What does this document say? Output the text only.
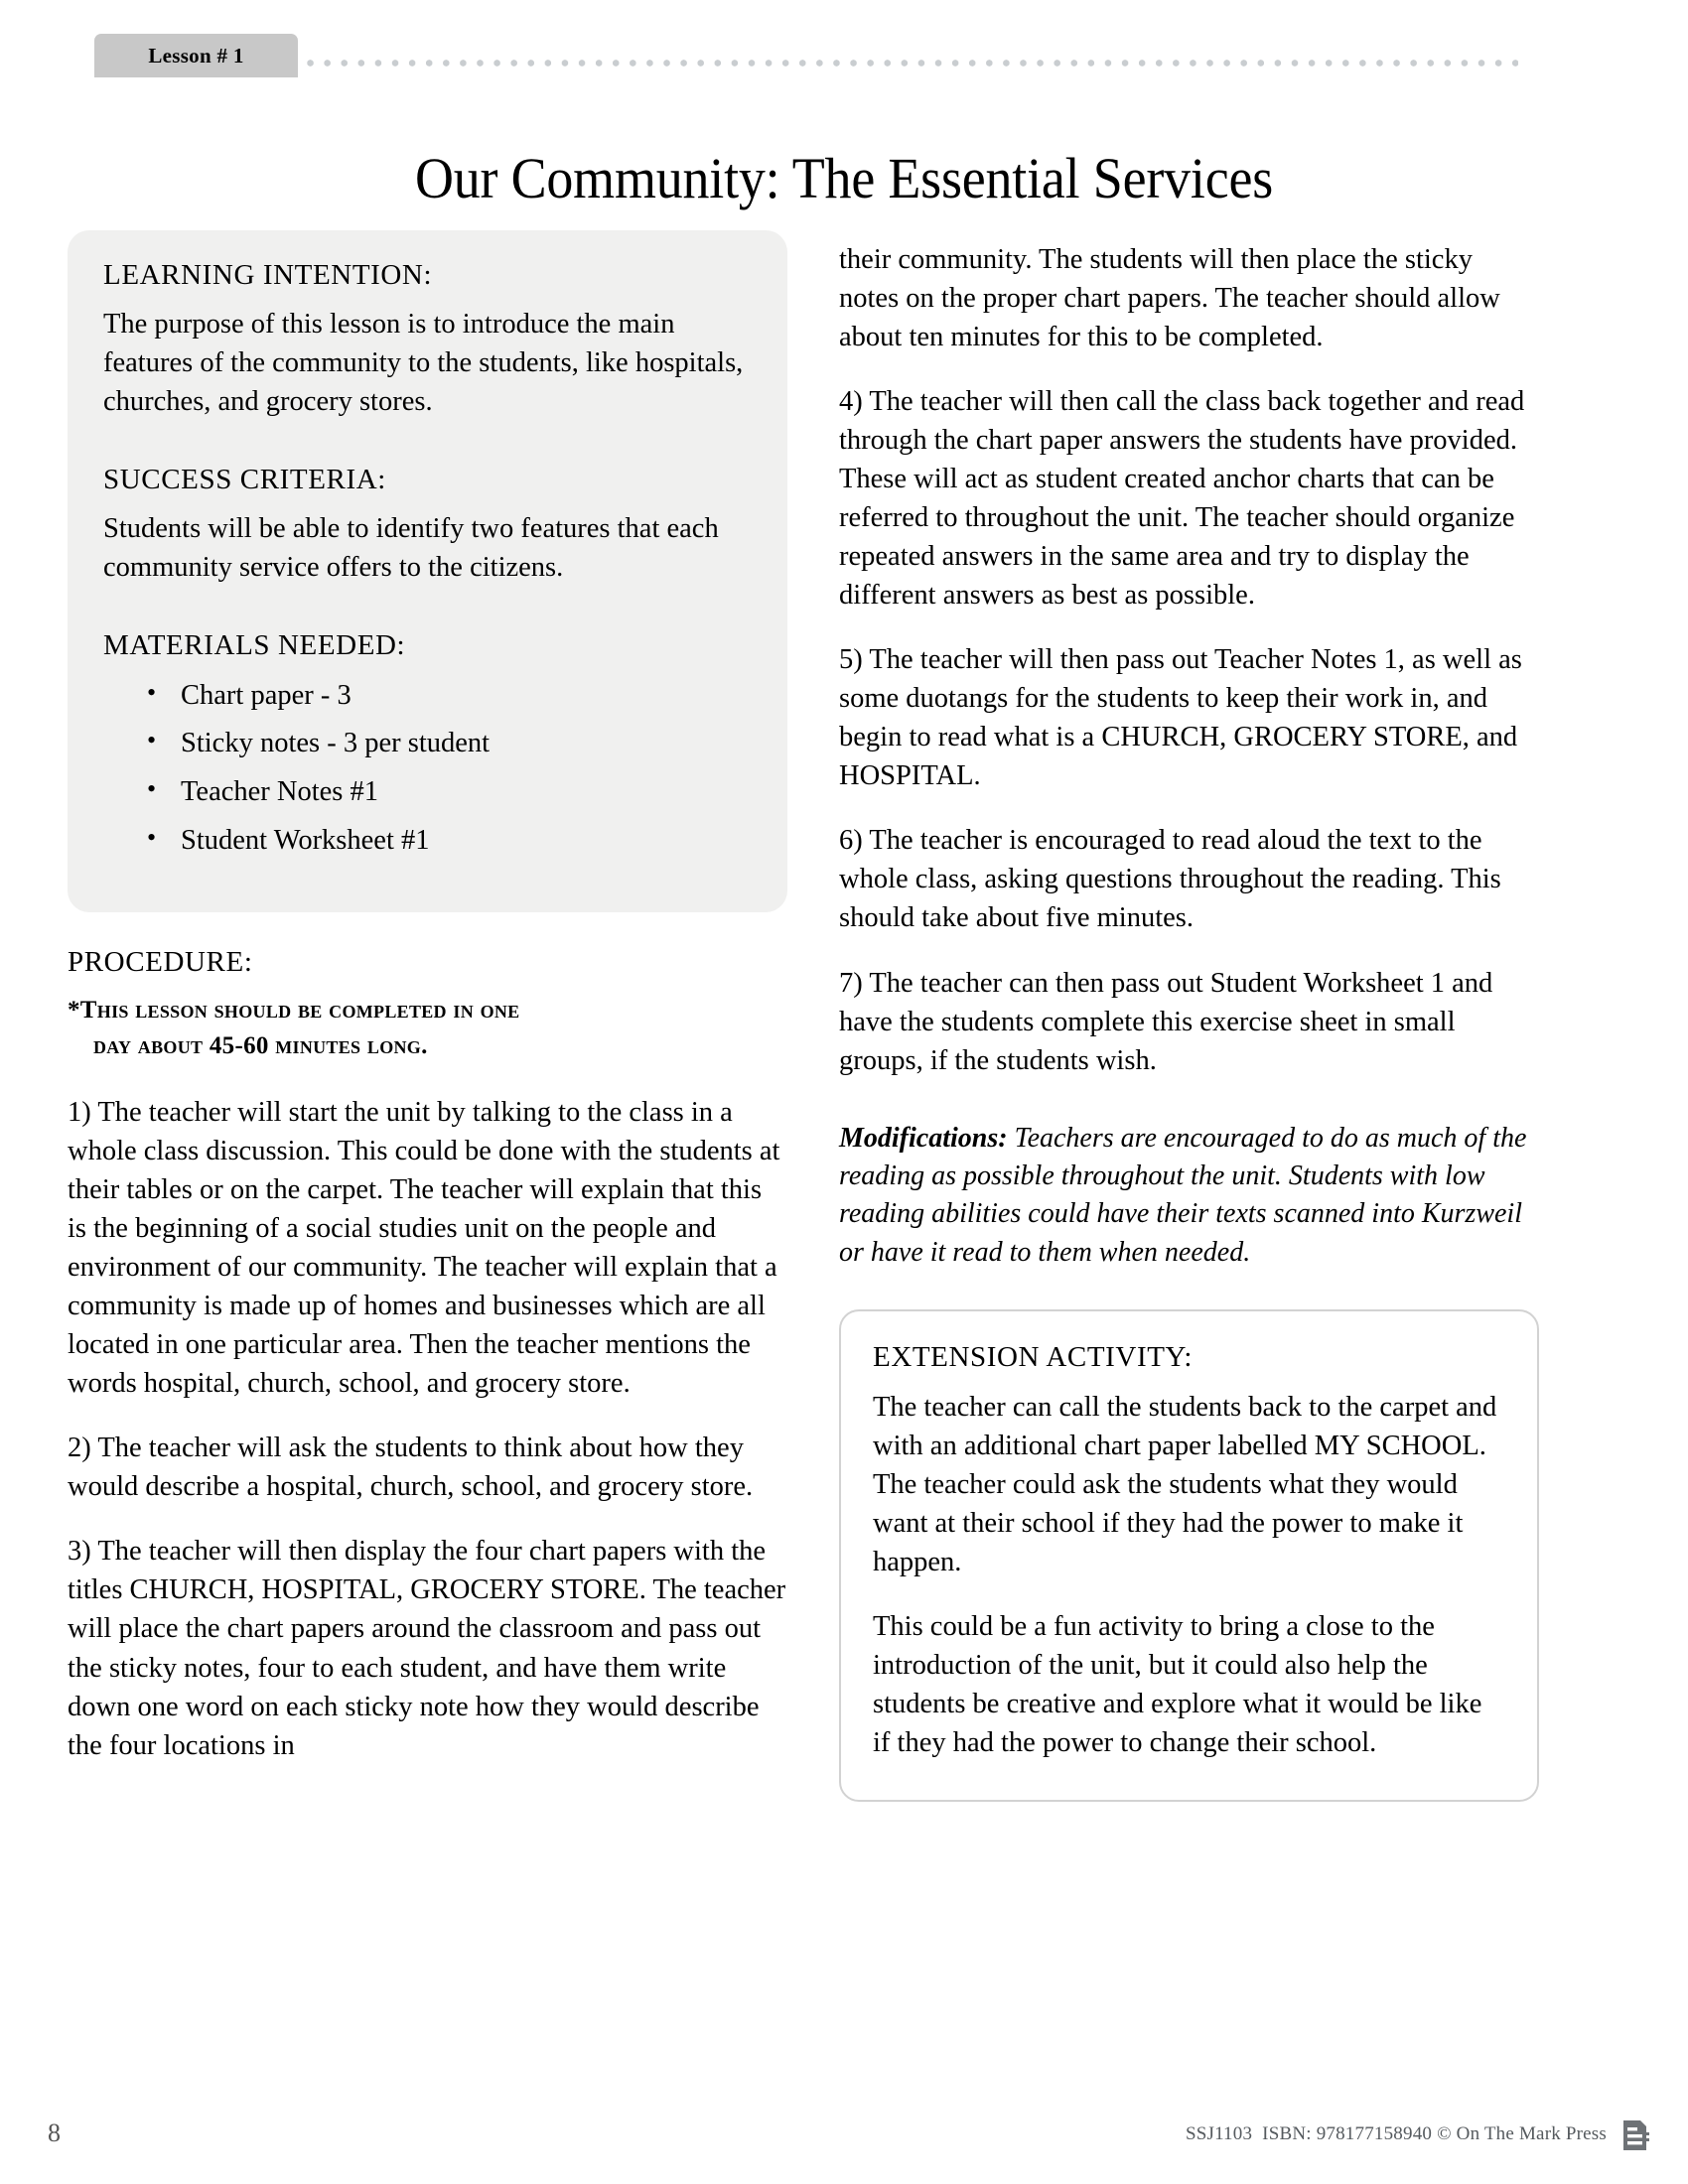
Lesson # 1
Our Community: The Essential Services
LEARNING INTENTION:

The purpose of this lesson is to introduce the main features of the community to the students, like hospitals, churches, and grocery stores.

SUCCESS CRITERIA:

Students will be able to identify two features that each community service offers to the citizens.

MATERIALS NEEDED:
• Chart paper - 3
• Sticky notes - 3 per student
• Teacher Notes #1
• Student Worksheet #1
PROCEDURE:
*This lesson should be completed in one
day about 45-60 minutes long.

1) The teacher will start the unit by talking to the class in a whole class discussion. This could be done with the students at their tables or on the carpet. The teacher will explain that this is the beginning of a social studies unit on the people and environment of our community. The teacher will explain that a community is made up of homes and businesses which are all located in one particular area. Then the teacher mentions the words hospital, church, school, and grocery store.

2) The teacher will ask the students to think about how they would describe a hospital, church, school, and grocery store.

3) The teacher will then display the four chart papers with the titles CHURCH, HOSPITAL, GROCERY STORE. The teacher will place the chart papers around the classroom and pass out the sticky notes, four to each student, and have them write down one word on each sticky note how they would describe the four locations in

their community. The students will then place the sticky notes on the proper chart papers. The teacher should allow about ten minutes for this to be completed.

4) The teacher will then call the class back together and read through the chart paper answers the students have provided. These will act as student created anchor charts that can be referred to throughout the unit. The teacher should organize repeated answers in the same area and try to display the different answers as best as possible.

5) The teacher will then pass out Teacher Notes 1, as well as some duotangs for the students to keep their work in, and begin to read what is a CHURCH, GROCERY STORE, and HOSPITAL.

6) The teacher is encouraged to read aloud the text to the whole class, asking questions throughout the reading. This should take about five minutes.

7) The teacher can then pass out Student Worksheet 1 and have the students complete this exercise sheet in small groups, if the students wish.

Modifications: Teachers are encouraged to do as much of the reading as possible throughout the unit. Students with low reading abilities could have their texts scanned into Kurzweil or have it read to them when needed.

EXTENSION ACTIVITY:

The teacher can call the students back to the carpet and with an additional chart paper labelled MY SCHOOL. The teacher could ask the students what they would want at their school if they had the power to make it happen.

This could be a fun activity to bring a close to the introduction of the unit, but it could also help the students be creative and explore what it would be like if they had the power to change their school.

8	SSJ1103 ISBN: 978177158940 © On The Mark Press
